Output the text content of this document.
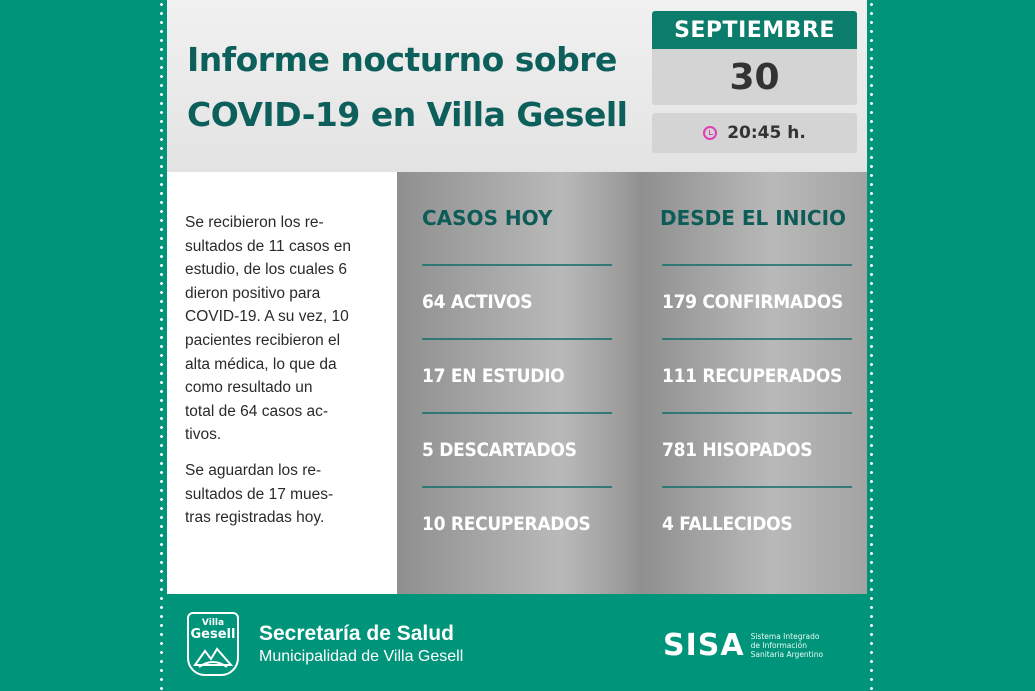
Informe nocturno sobre
COVID-19 en Villa Gesell
SEPTIEMBRE
30
20:45 h.

Se recibieron los re-
sultados de 11 casos en
estudio, de los cuales 6
dieron positivo para
COVID-19. A su vez, 10
pacientes recibieron el
alta médica, lo que da
como resultado un
total de 64 casos ac-
tivos.

Se aguardan los re-
sultados de 17 mues-
tras registradas hoy.

CASOS HOY
64 ACTIVOS
17 EN ESTUDIO
5 DESCARTADOS
10 RECUPERADOS
DESDE EL INICIO
179 CONFIRMADOS
111 RECUPERADOS
781 HISOPADOS
4 FALLECIDOS
Villa
Gesell Secretaría de Salud
Municipalidad de Villa Gesell	SISA Sistema Integrado
de Información
Sanitaria Argentino
